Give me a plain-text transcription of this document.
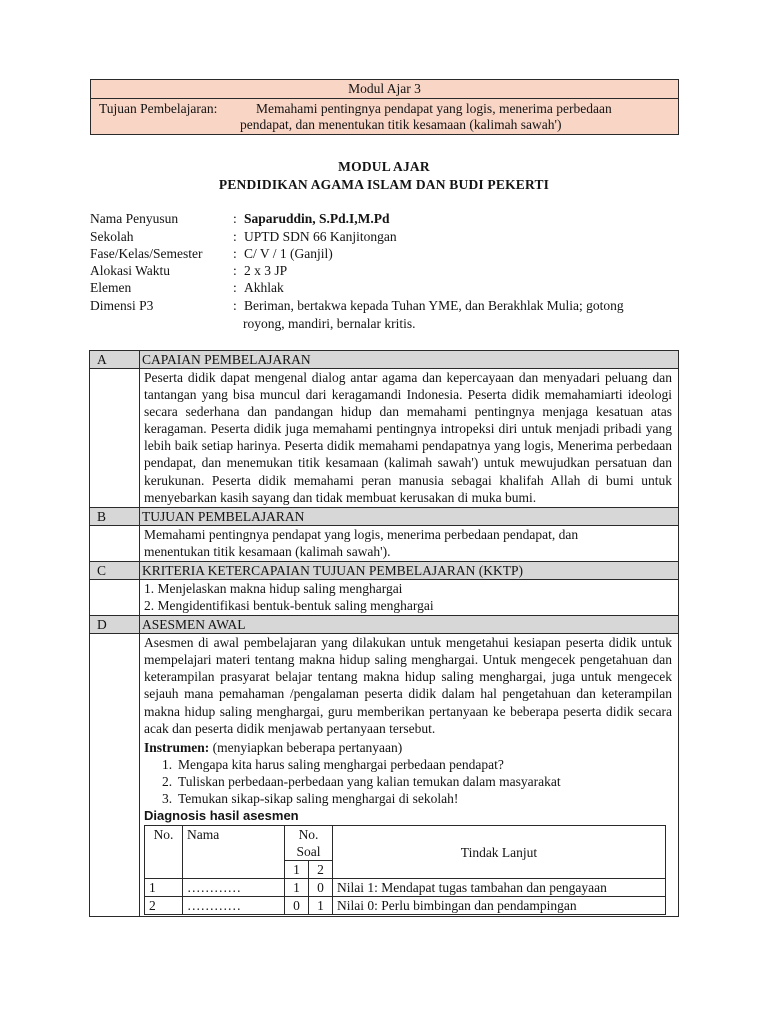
Modul Ajar 3
Tujuan Pembelajaran:	Memahami pentingnya pendapat yang logis, menerima perbedaan
pendapat, dan menentukan titik kesamaan (kalimah sawah')
MODUL AJAR
PENDIDIKAN AGAMA ISLAM DAN BUDI PEKERTI
Nama Penyusun	: Saparuddin, S.Pd.I,M.Pd
Sekolah	: UPTD SDN 66 Kanjitongan
Fase/Kelas/Semester : C/ V / 1 (Ganjil)
Alokasi Waktu	: 2 x 3 JP
Elemen	: Akhlak
Dimensi P3	: Beriman, bertakwa kepada Tuhan YME, dan Berakhlak Mulia; gotong
royong, mandiri, bernalar kritis.
A	CAPAIAN PEMBELAJARAN
Peserta didik dapat mengenal dialog antar agama dan kepercayaan dan menyadari peluang dan tantangan yang bisa muncul dari keragamandi Indonesia. Peserta didik memahamiarti ideologi secara sederhana dan pandangan hidup dan memahami pentingnya menjaga kesatuan atas keragaman. Peserta didik juga memahami pentingnya intropeksi diri untuk menjadi pribadi yang lebih baik setiap harinya. Peserta didik memahami pendapatnya yang logis, Menerima perbedaan pendapat, dan menemukan titik kesamaan (kalimah sawah') untuk mewujudkan persatuan dan kerukunan. Peserta didik memahami peran manusia sebagai khalifah Allah di bumi untuk menyebarkan kasih sayang dan tidak membuat kerusakan di muka bumi.
B	TUJUAN PEMBELAJARAN
Memahami pentingnya pendapat yang logis, menerima perbedaan pendapat, dan
menentukan titik kesamaan (kalimah sawah').
C	KRITERIA KETERCAPAIAN TUJUAN PEMBELAJARAN (KKTP)
1. Menjelaskan makna hidup saling menghargai
2. Mengidentifikasi bentuk-bentuk saling menghargai
D	ASESMEN AWAL
Asesmen di awal pembelajaran yang dilakukan untuk mengetahui kesiapan peserta didik untuk mempelajari materi tentang makna hidup saling menghargai. Untuk mengecek pengetahuan dan keterampilan prasyarat belajar tentang makna hidup saling menghargai, juga untuk mengecek sejauh mana pemahaman /pengalaman peserta didik dalam hal pengetahuan dan keterampilan makna hidup saling menghargai, guru memberikan pertanyaan ke beberapa peserta didik secara acak dan peserta didik menjawab pertanyaan tersebut.
Instrumen: (menyiapkan beberapa pertanyaan)
1. Mengapa kita harus saling menghargai perbedaan pendapat?
2. Tuliskan perbedaan-perbedaan yang kalian temukan dalam masyarakat
3. Temukan sikap-sikap saling menghargai di sekolah!
Diagnosis hasil asesmen
No.	Nama	No. Soal		Tindak Lanjut
		1	2	
1	…………	1	0	Nilai 1: Mendapat tugas tambahan dan pengayaan
2	…………	0	1	Nilai 0: Perlu bimbingan dan pendampingan
